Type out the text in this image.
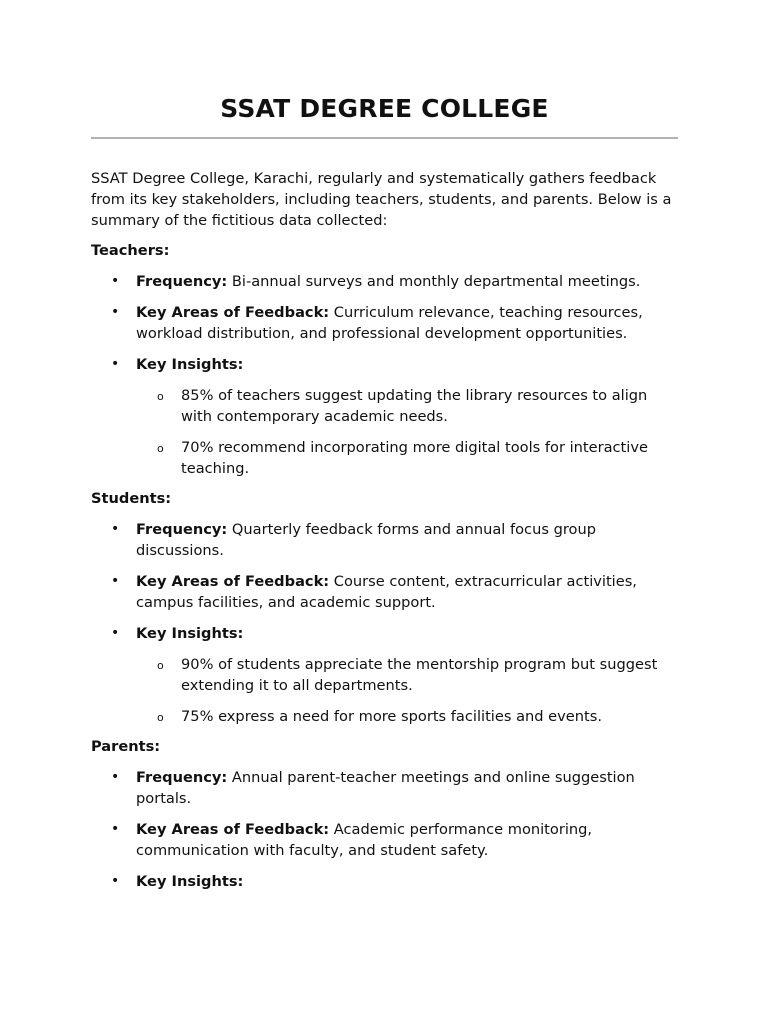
SSAT DEGREE COLLEGE

SSAT Degree College, Karachi, regularly and systematically gathers feedback from its key stakeholders, including teachers, students, and parents. Below is a summary of the fictitious data collected:

Teachers:
• Frequency: Bi-annual surveys and monthly departmental meetings.
• Key Areas of Feedback: Curriculum relevance, teaching resources, workload distribution, and professional development opportunities.
• Key Insights:
o 85% of teachers suggest updating the library resources to align with contemporary academic needs.
o 70% recommend incorporating more digital tools for interactive teaching.
Students:
• Frequency: Quarterly feedback forms and annual focus group discussions.
• Key Areas of Feedback: Course content, extracurricular activities, campus facilities, and academic support.
• Key Insights:
o 90% of students appreciate the mentorship program but suggest extending it to all departments.
o 75% express a need for more sports facilities and events.
Parents:
• Frequency: Annual parent-teacher meetings and online suggestion portals.
• Key Areas of Feedback: Academic performance monitoring, communication with faculty, and student safety.
• Key Insights:
